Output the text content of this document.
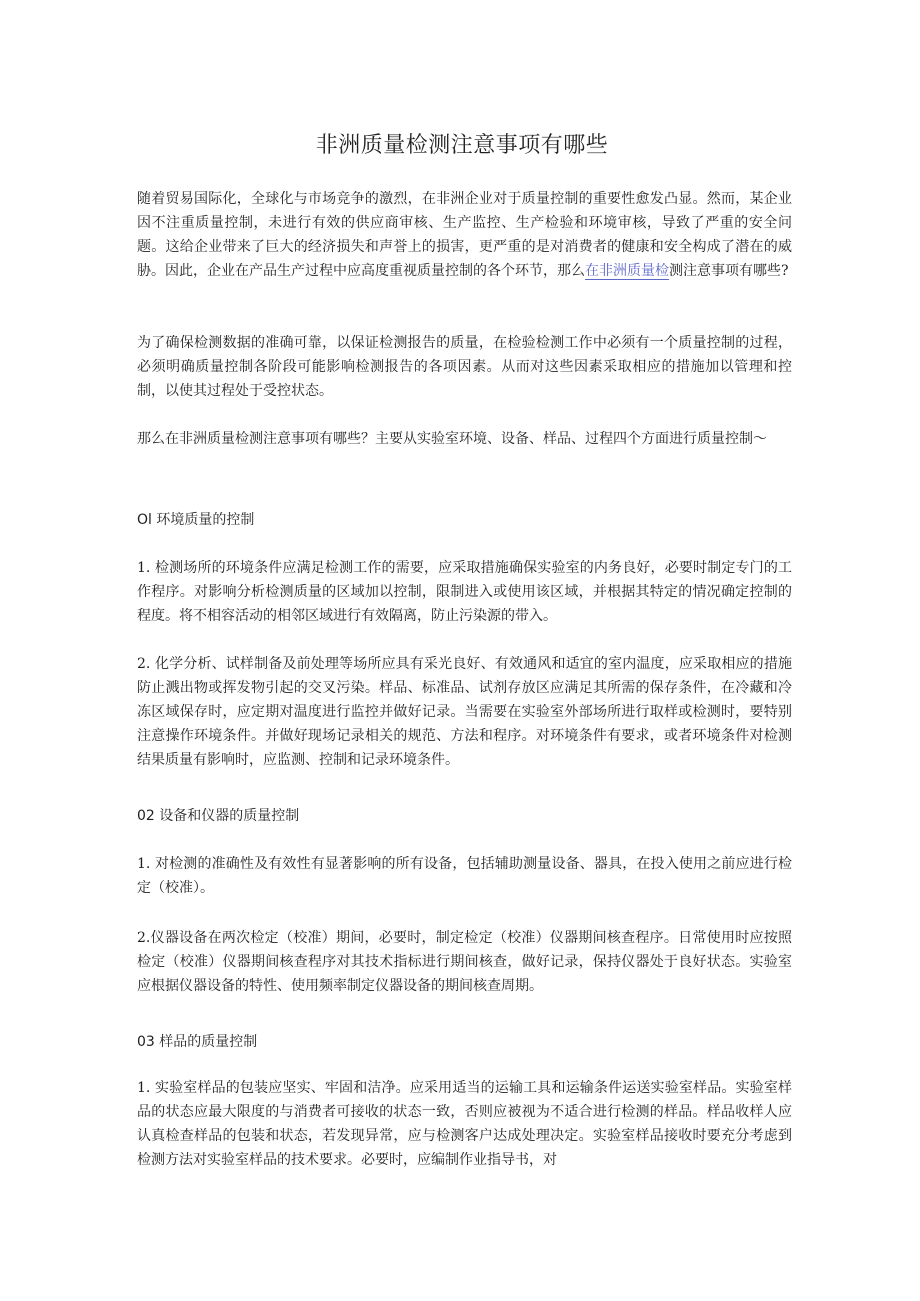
非洲质量检测注意事项有哪些

随着贸易国际化，全球化与市场竞争的激烈，在非洲企业对于质量控制的重要性愈发凸显。然而，某企业因不注重质量控制，未进行有效的供应商审核、生产监控、生产检验和环境审核，导致了严重的安全问题。这给企业带来了巨大的经济损失和声誉上的损害，更严重的是对消费者的健康和安全构成了潜在的威胁。因此，企业在产品生产过程中应高度重视质量控制的各个环节，那么在非洲质量检测注意事项有哪些?

为了确保检测数据的准确可靠，以保证检测报告的质量，在检验检测工作中必须有一个质量控制的过程，必须明确质量控制各阶段可能影响检测报告的各项因素。从而对这些因素采取相应的措施加以管理和控制，以使其过程处于受控状态。

那么在非洲质量检测注意事项有哪些？主要从实验室环境、设备、样品、过程四个方面进行质量控制～

Ol 环境质量的控制

1. 检测场所的环境条件应满足检测工作的需要，应采取措施确保实验室的内务良好，必要时制定专门的工作程序。对影响分析检测质量的区域加以控制，限制进入或使用该区域，并根据其特定的情况确定控制的程度。将不相容活动的相邻区域进行有效隔离，防止污染源的带入。

2. 化学分析、试样制备及前处理等场所应具有采光良好、有效通风和适宜的室内温度，应采取相应的措施防止溅出物或挥发物引起的交叉污染。样品、标准品、试剂存放区应满足其所需的保存条件，在冷藏和冷冻区域保存时，应定期对温度进行监控并做好记录。当需要在实验室外部场所进行取样或检测时，要特别注意操作环境条件。并做好现场记录相关的规范、方法和程序。对环境条件有要求，或者环境条件对检测结果质量有影响时，应监测、控制和记录环境条件。

02 设备和仪器的质量控制

1. 对检测的准确性及有效性有显著影响的所有设备，包括辅助测量设备、器具，在投入使用之前应进行检定（校准）。

2.仪器设备在两次检定（校准）期间，必要时，制定检定（校准）仪器期间核查程序。日常使用时应按照检定（校准）仪器期间核查程序对其技术指标进行期间核查，做好记录，保持仪器处于良好状态。实验室应根据仪器设备的特性、使用频率制定仪器设备的期间核查周期。

03 样品的质量控制

1. 实验室样品的包装应坚实、牢固和洁净。应采用适当的运输工具和运输条件运送实验室样品。实验室样品的状态应最大限度的与消费者可接收的状态一致，否则应被视为不适合进行检测的样品。样品收样人应认真检查样品的包装和状态，若发现异常，应与检测客户达成处理决定。实验室样品接收时要充分考虑到检测方法对实验室样品的技术要求。必要时，应编制作业指导书，对
